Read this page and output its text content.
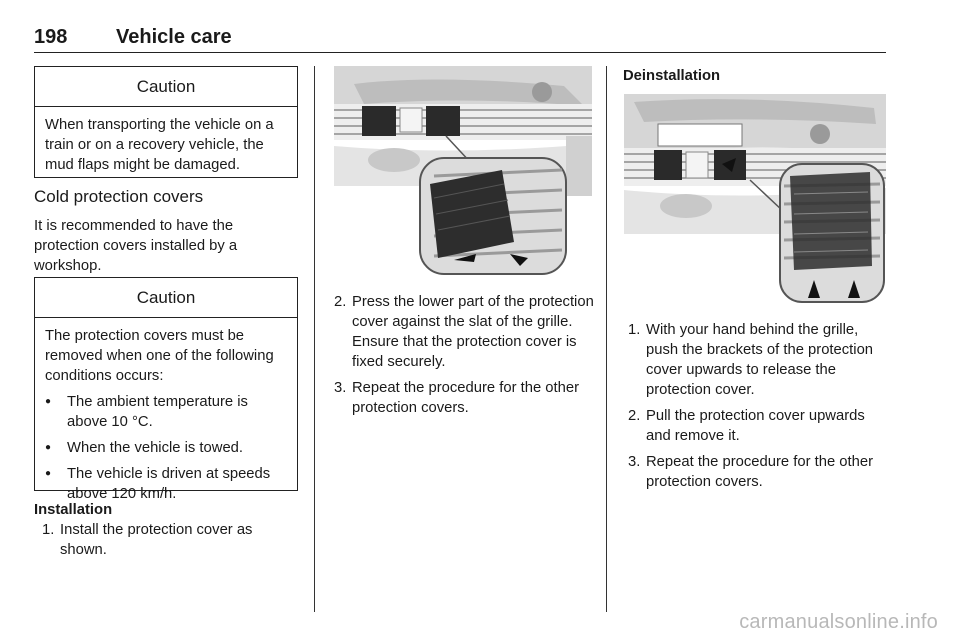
198 Vehicle care
Caution
When transporting the vehicle on a train or on a recovery vehicle, the mud flaps might be damaged.
Cold protection covers

It is recommended to have the protection covers installed by a workshop.

Caution

The protection covers must be removed when one of the following conditions occurs:

● The ambient temperature is above 10 °C.
● When the vehicle is towed.
● The vehicle is driven at speeds above 120 km/h.
Installation
1. Install the protection cover as shown.
2. Press the lower part of the protection cover against the slat of the grille. Ensure that the protection cover is fixed securely.
3. Repeat the procedure for the other protection covers.
Deinstallation
1. With your hand behind the grille, push the brackets of the protection cover upwards to release the protection cover.
2. Pull the protection cover upwards and remove it.
3. Repeat the procedure for the other protection covers.
carmanualsonline.info
